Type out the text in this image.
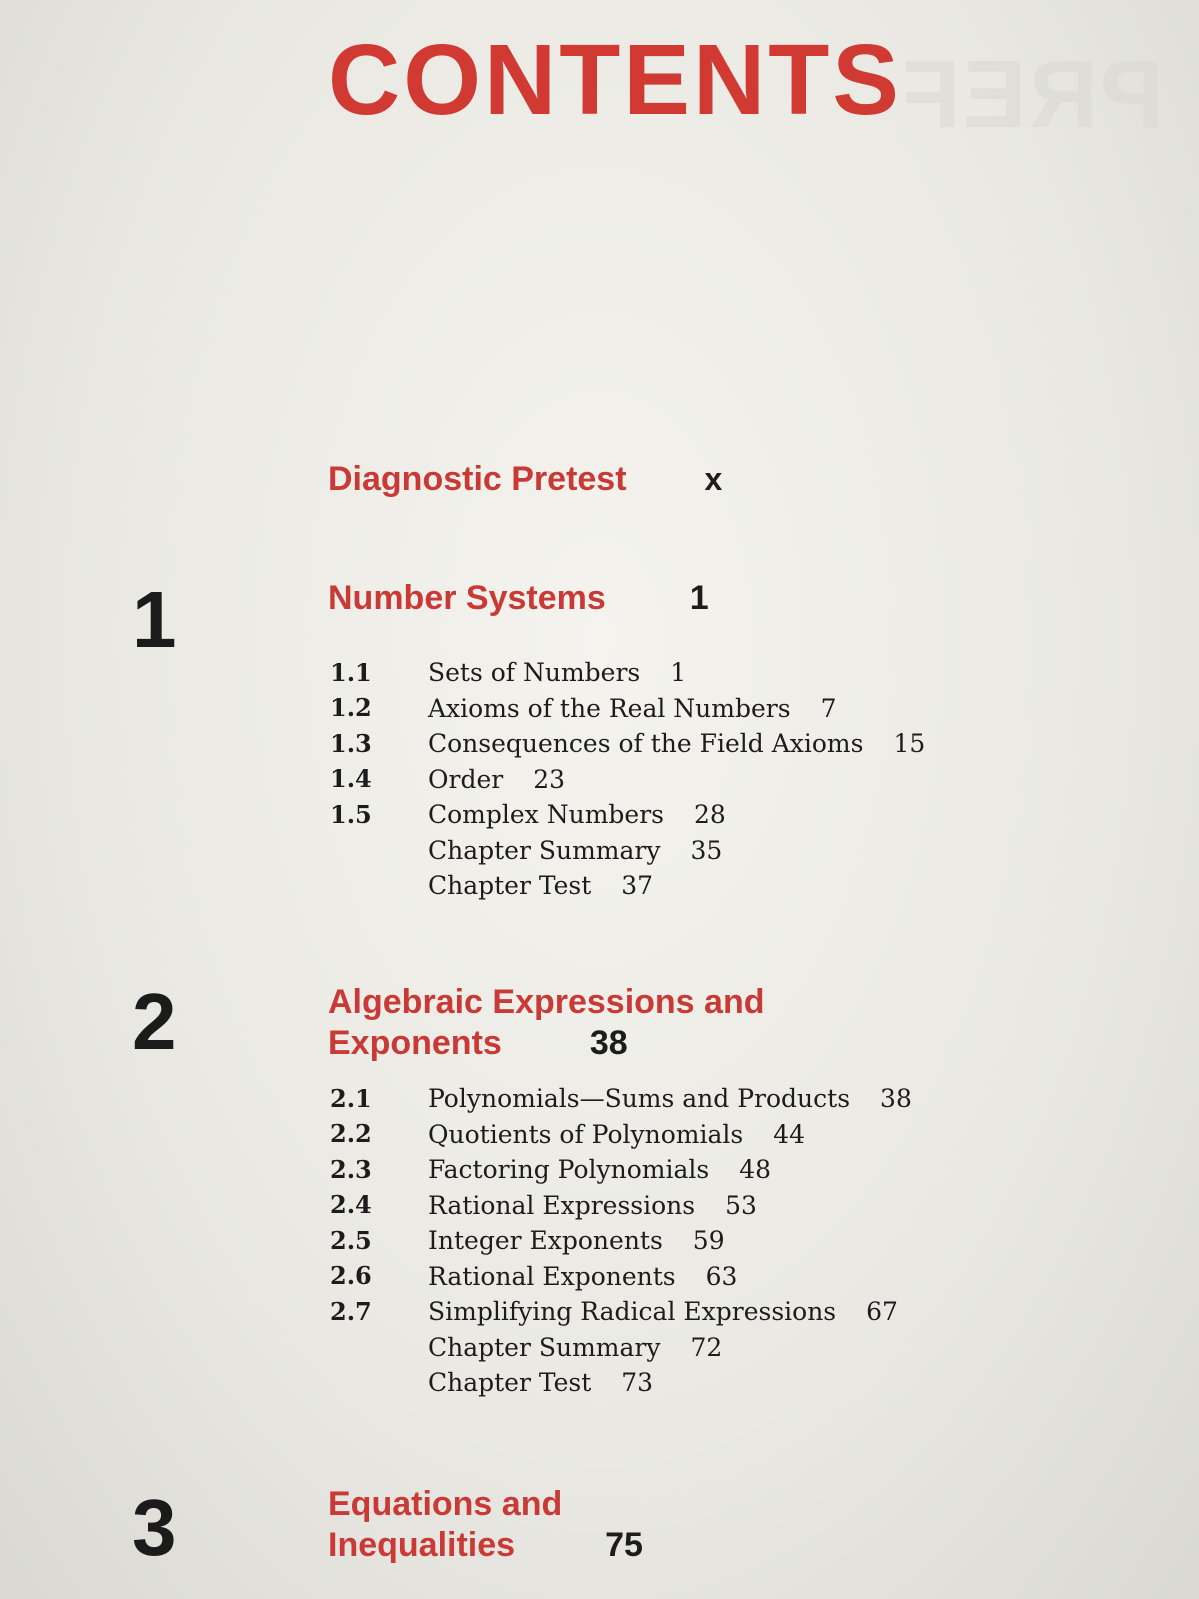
PREF
CONTENTS
Diagnostic Pretest x
1	Number Systems 1
1.1	Sets of Numbers 1
1.2	Axioms of the Real Numbers 7
1.3	Consequences of the Field Axioms 15
1.4	Order 23
1.5	Complex Numbers 28
Chapter Summary 35
Chapter Test 37
2	Algebraic Expressions and
Exponents	38
2.1	Polynomials—Sums and Products 38
2.2	Quotients of Polynomials 44
2.3	Factoring Polynomials 48
2.4	Rational Expressions 53
2.5	Integer Exponents 59
2.6	Rational Exponents 63
2.7	Simplifying Radical Expressions 67
Chapter Summary 72
Chapter Test 73
3	Equations and
Inequalities	75
